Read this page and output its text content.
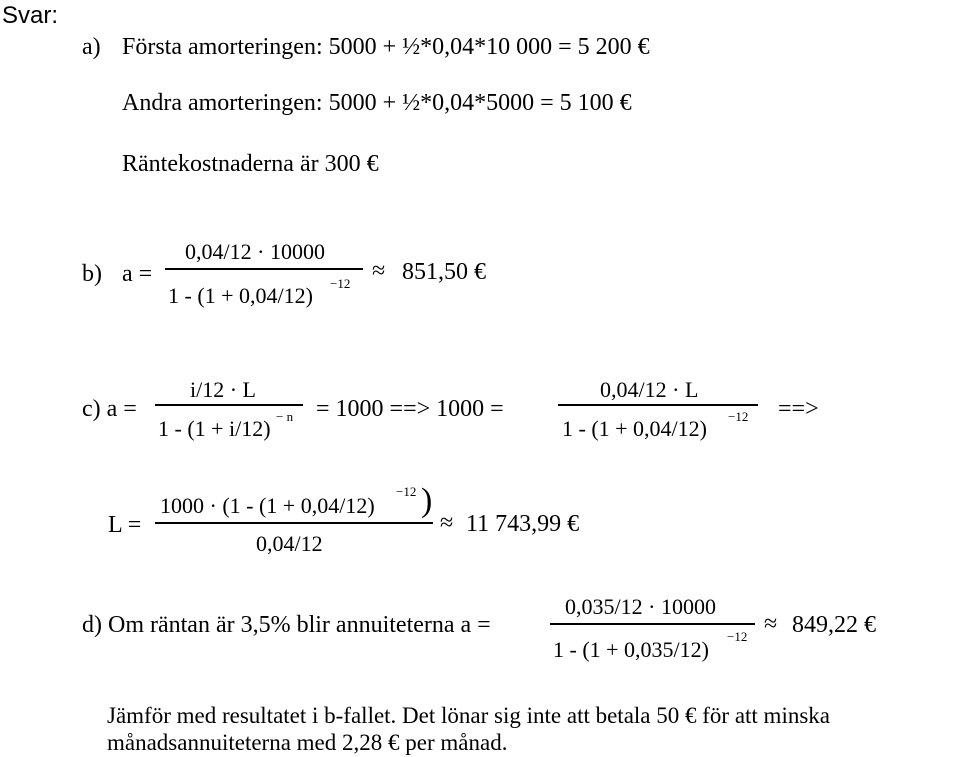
Svar:
a) Första amorteringen: 5000 + ½*0,04*10 000 = 5 200 €
Andra amorteringen: 5000 + ½*0,04*5000 = 5 100 €
Räntekostnaderna är 300 €
b) a =
0,04/12 · 10000
1 - (1 + 0,04/12) −12 ≈ 851,50 €
c) a =
i/12 · L
1 - (1 + i/12) − n = 1000 ==> 1000 =
0,04/12 · L
1 - (1 + 0,04/12) −12 ==>
L =
1000 · (1 - (1 + 0,04/12)
−12 )
0,04/12
≈ 11 743,99 €
d) Om räntan är 3,5% blir annuiteterna a =
0,035/12 · 10000
1 - (1 + 0,035/12)
−12 ≈ 849,22 €
Jämför med resultatet i b-fallet. Det lönar sig inte att betala 50 € för att minska
månadsannuiteterna med 2,28 € per månad.
